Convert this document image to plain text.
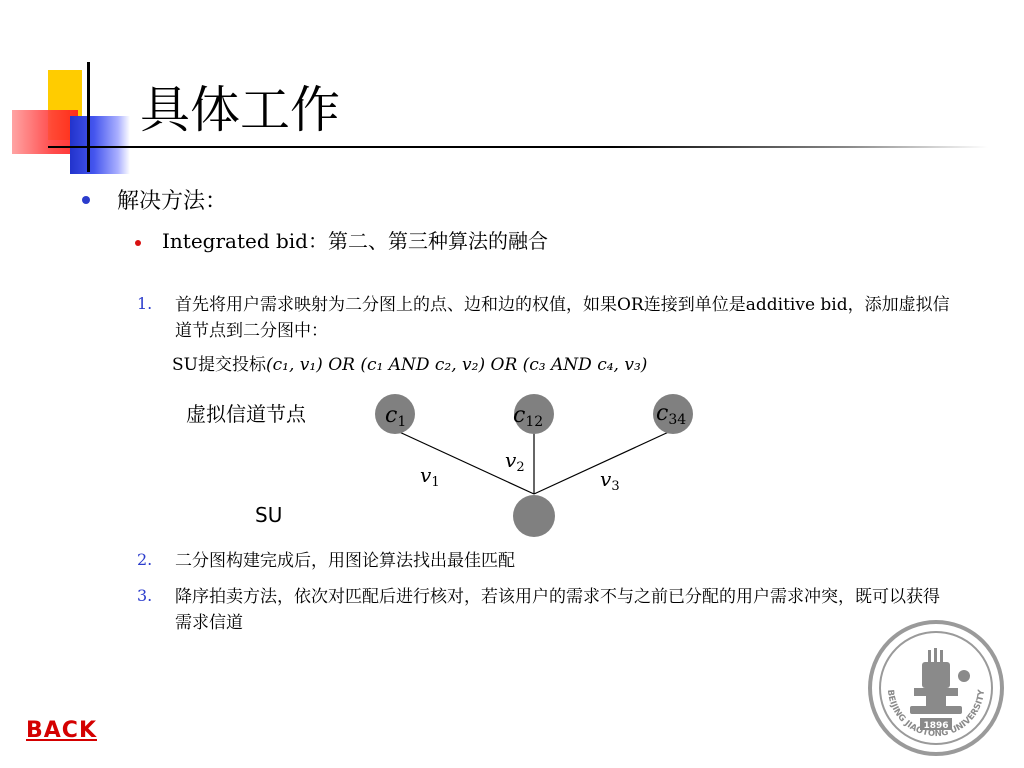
具体工作
解决方法：
Integrated bid：第二、第三种算法的融合
1. 首先将用户需求映射为二分图上的点、边和边的权值，如果OR连接到单位是additive bid，添加虚拟信道节点到二分图中：
SU提交投标(c₁, v₁) OR (c₁ AND c₂, v₂) OR (c₃ AND c₄, v₃)
虚拟信道节点
SU
c1	c12	c34
$v_1$
$v_2$	$v_3$
2. 二分图构建完成后，用图论算法找出最佳匹配
3. 降序拍卖方法，依次对匹配后进行核对，若该用户的需求不与之前已分配的用户需求冲突，既可以获得需求信道
BACK	1896
BEIJING JIAOTONG UNIVERSITY
